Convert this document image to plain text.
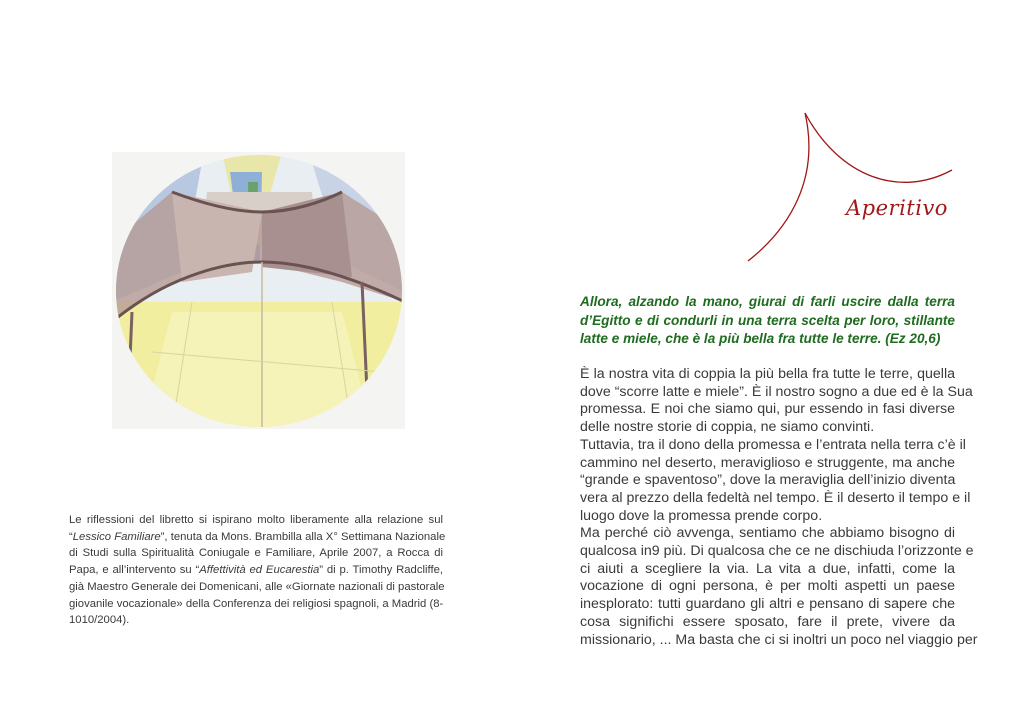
Aperitivo
Le riflessioni del libretto si ispirano molto liberamente alla relazione sul
“Lessico Familiare”, tenuta da Mons. Brambilla alla X° Settimana Nazionale
di Studi sulla Spiritualità Coniugale e Familiare, Aprile 2007, a Rocca di
Papa, e all’intervento su “Affettività ed Eucarestia” di p. Timothy Radcliffe,
già Maestro Generale dei Domenicani, alle «Giornate nazionali di pastorale
giovanile vocazionale» della Conferenza dei religiosi spagnoli, a Madrid (8-
1010/2004).
Allora, alzando la mano, giurai di farli uscire dalla terra
d’Egitto e di condurli in una terra scelta per loro, stillante
latte e miele, che è la più bella fra tutte le terre. (Ez 20,6)
È la nostra vita di coppia la più bella fra tutte le terre, quella
dove “scorre latte e miele”. È il nostro sogno a due ed è la Sua
promessa. E noi che siamo qui, pur essendo in fasi diverse
delle nostre storie di coppia, ne siamo convinti.
Tuttavia, tra il dono della promessa e l’entrata nella terra c’è il
cammino nel deserto, meraviglioso e struggente, ma anche
“grande e spaventoso”, dove la meraviglia dell’inizio diventa
vera al prezzo della fedeltà nel tempo. È il deserto il tempo e il
luogo dove la promessa prende corpo.
Ma perché ciò avvenga, sentiamo che abbiamo bisogno di
qualcosa in9 più. Di qualcosa che ce ne dischiuda l’orizzonte e
ci aiuti a scegliere la via. La vita a due, infatti, come la
vocazione di ogni persona, è per molti aspetti un paese
inesplorato: tutti guardano gli altri e pensano di sapere che
cosa significhi essere sposato, fare il prete, vivere da
missionario, ... Ma basta che ci si inoltri un poco nel viaggio per
